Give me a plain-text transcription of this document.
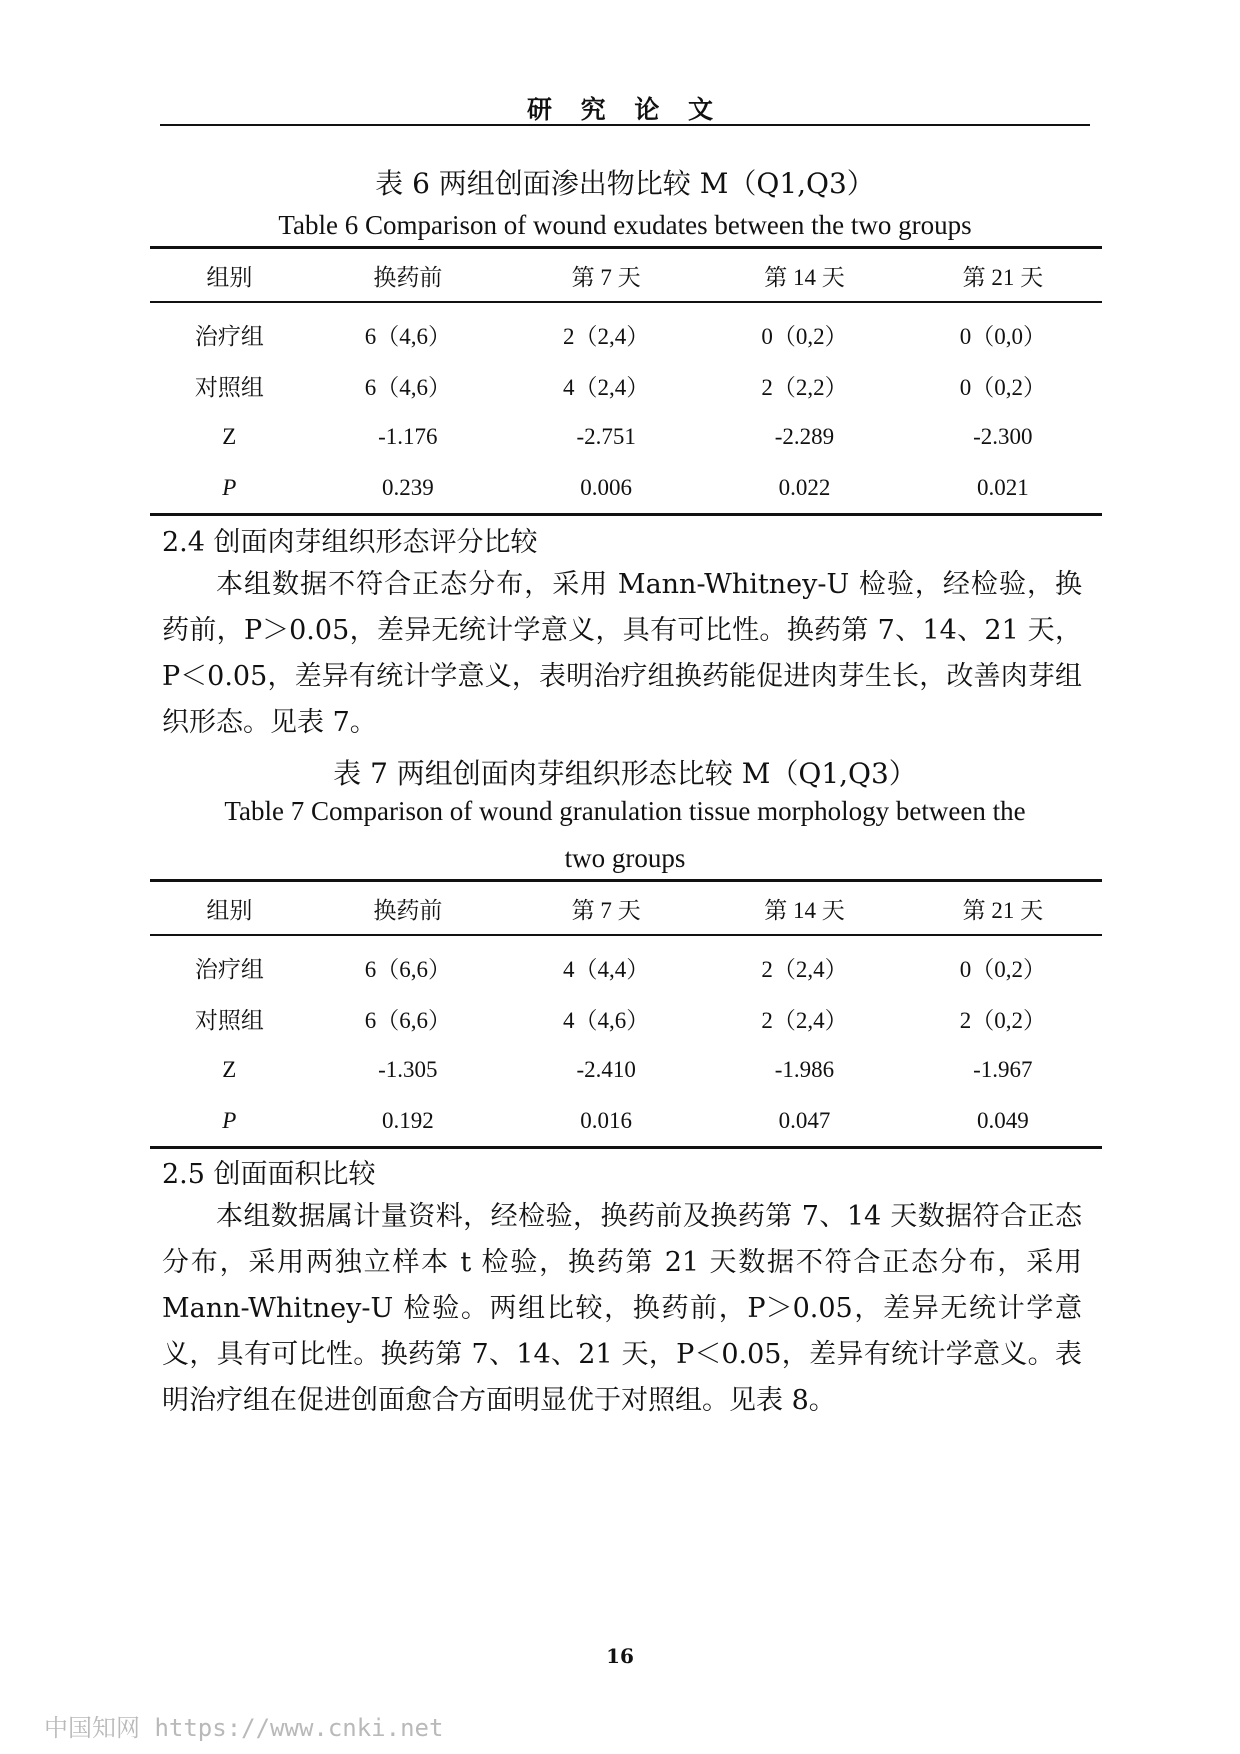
研 究 论 文
表 6 两组创面渗出物比较 M（Q1,Q3）
Table 6 Comparison of wound exudates between the two groups
组别	换药前	第 7 天	第 14 天	第 21 天
治疗组	6（4,6）	2（2,4）	0（0,2）	0（0,0）
对照组	6（4,6）	4（2,4）	2（2,2）	0（0,2）
Z	-1.176	-2.751	-2.289	-2.300
P	0.239	0.006	0.022	0.021
2.4 创面肉芽组织形态评分比较
本组数据不符合正态分布，采用 Mann-Whitney-U 检验，经检验，换药前，P＞0.05，差异无统计学意义，具有可比性。换药第 7、14、21 天，P＜0.05，差异有统计学意义，表明治疗组换药能促进肉芽生长，改善肉芽组织形态。见表 7。
表 7 两组创面肉芽组织形态比较 M（Q1,Q3）
Table 7 Comparison of wound granulation tissue morphology between the
two groups
组别	换药前	第 7 天	第 14 天	第 21 天
治疗组	6（6,6）	4（4,4）	2（2,4）	0（0,2）
对照组	6（6,6）	4（4,6）	2（2,4）	2（0,2）
Z	-1.305	-2.410	-1.986	-1.967
P	0.192	0.016	0.047	0.049
2.5 创面面积比较
本组数据属计量资料，经检验，换药前及换药第 7、14 天数据符合正态分布，采用两独立样本 t 检验，换药第 21 天数据不符合正态分布，采用 Mann-Whitney-U 检验。两组比较，换药前，P＞0.05，差异无统计学意义，具有可比性。换药第 7、14、21 天，P＜0.05，差异有统计学意义。表明治疗组在促进创面愈合方面明显优于对照组。见表 8。
16
中国知网 https://www.cnki.net
